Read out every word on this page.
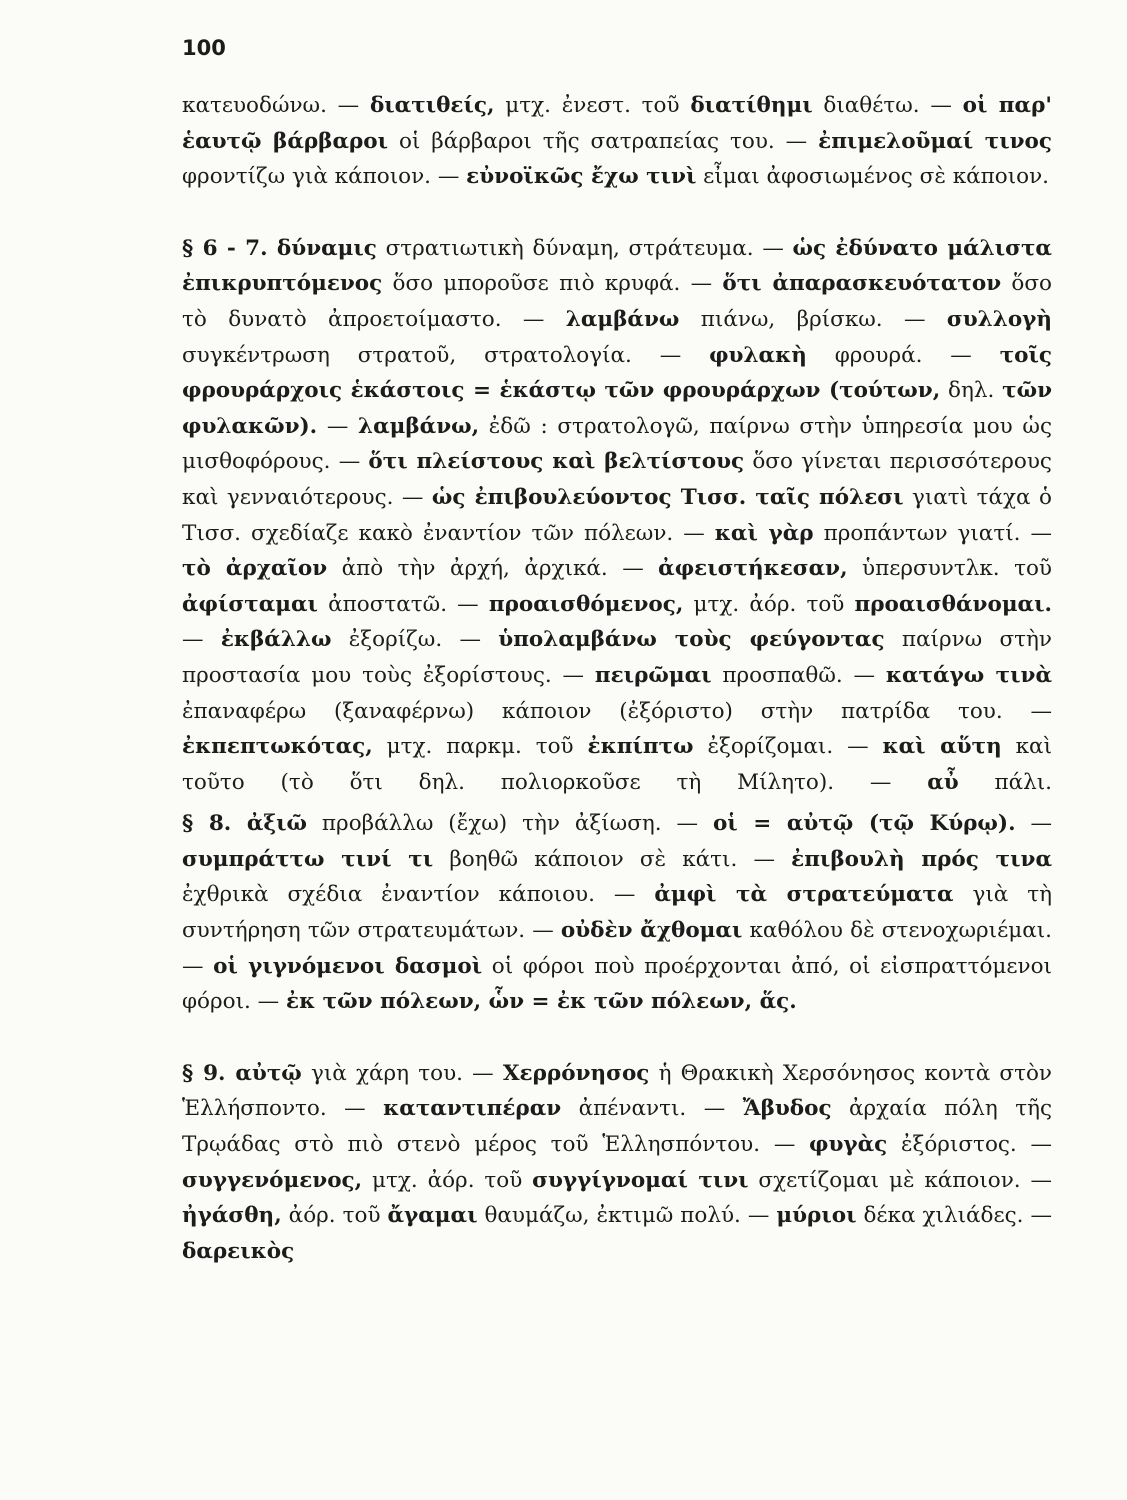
100

κατευοδώνω. — διατιθείς, μτχ. ἐνεστ. τοῦ διατίθημι διαθέτω. — οἱ παρ' ἑαυτῷ βάρβαροι οἱ βάρβαροι τῆς σατραπείας του. — ἐπιμελοῦμαί τινος φροντίζω γιὰ κάποιον. — εὐνοϊκῶς ἔχω τινὶ εἶμαι ἀφοσιωμένος σὲ κάποιον.

§ 6 - 7. δύναμις στρατιωτικὴ δύναμη, στράτευμα. — ὡς ἐδύνατο μάλιστα ἐπικρυπτόμενος ὅσο μποροῦσε πιὸ κρυφά. — ὅτι ἀπαρασκευότατον ὅσο τὸ δυνατὸ ἀπροετοίμαστο. — λαμβάνω πιάνω, βρίσκω. — συλλογὴ συγκέντρωση στρατοῦ, στρατολογία. — φυλακὴ φρουρά. — τοῖς φρουράρχοις ἑκάστοις = ἑκάστῳ τῶν φρουράρχων (τούτων, δηλ. τῶν φυλακῶν). — λαμβάνω, ἐδῶ : στρατολογῶ, παίρνω στὴν ὑπηρεσία μου ὡς μισθοφόρους. — ὅτι πλείστους καὶ βελτίστους ὅσο γίνεται περισσότερους καὶ γενναιότερους. — ὡς ἐπιβουλεύοντος Τισσ. ταῖς πόλεσι γιατὶ τάχα ὁ Τισσ. σχεδίαζε κακὸ ἐναντίον τῶν πόλεων. — καὶ γὰρ προπάντων γιατί. — τὸ ἀρχαῖον ἀπὸ τὴν ἀρχή, ἀρχικά. — ἀφειστήκεσαν, ὑπερσυντλκ. τοῦ ἀφίσταμαι ἀποστατῶ. — προαισθόμενος, μτχ. ἀόρ. τοῦ προαισθάνομαι. — ἐκβάλλω ἐξορίζω. — ὑπολαμβάνω τοὺς φεύγοντας παίρνω στὴν προστασία μου τοὺς ἐξορίστους. — πειρῶμαι προσπαθῶ. — κατάγω τινὰ ἐπαναφέρω (ξαναφέρνω) κάποιον (ἐξόριστο) στὴν πατρίδα του. — ἐκπεπτωκότας, μτχ. παρκμ. τοῦ ἐκπίπτω ἐξορίζομαι. — καὶ αὕτη καὶ τοῦτο (τὸ ὅτι δηλ. πολιορκοῦσε τὴ Μίλητο). — αὖ πάλι.

§ 8. ἀξιῶ προβάλλω (ἔχω) τὴν ἀξίωση. — οἱ = αὐτῷ (τῷ Κύρῳ). — συμπράττω τινί τι βοηθῶ κάποιον σὲ κάτι. — ἐπιβουλὴ πρός τινα ἐχθρικὰ σχέδια ἐναντίον κάποιου. — ἀμφὶ τὰ στρατεύματα γιὰ τὴ συντήρηση τῶν στρατευμάτων. — οὐδὲν ἄχθομαι καθόλου δὲ στενοχωριέμαι. — οἱ γιγνόμενοι δασμοὶ οἱ φόροι ποὺ προέρχονται ἀπό, οἱ εἰσπραττόμενοι φόροι. — ἐκ τῶν πόλεων, ὧν = ἐκ τῶν πόλεων, ἅς.

§ 9. αὐτῷ γιὰ χάρη του. — Χερρόνησος ἡ Θρακικὴ Χερσόνησος κοντὰ στὸν Ἑλλήσποντο. — καταντιπέραν ἀπέναντι. — Ἄβυδος ἀρχαία πόλη τῆς Τρῳάδας στὸ πιὸ στενὸ μέρος τοῦ Ἑλλησπόντου. — φυγὰς ἐξόριστος. — συγγενόμενος, μτχ. ἀόρ. τοῦ συγγίγνομαί τινι σχετίζομαι μὲ κάποιον. — ἠγάσθη, ἀόρ. τοῦ ἄγαμαι θαυμάζω, ἐκτιμῶ πολύ. — μύριοι δέκα χιλιάδες. — δαρεικὸς
